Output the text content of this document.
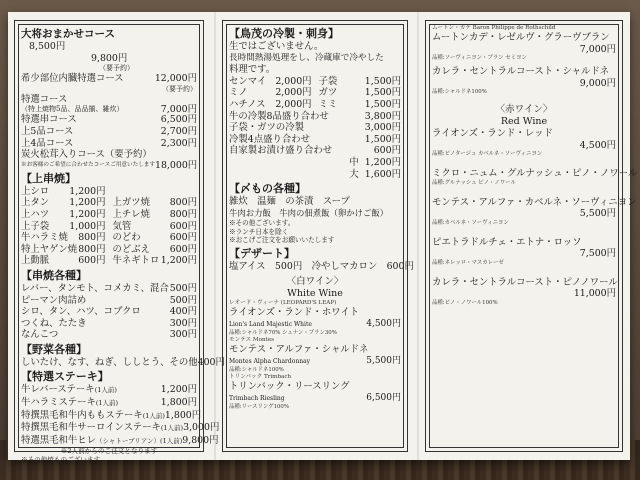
大将おまかせコース
8,500円
9,800円
（要予約）
希少部位内臓特選コース	12,000円
（要予約）
特選コース
（特上焼物5品、品品揃、雑炊）	7,000円
特選串コース	6,500円
上5品コース	2,700円
上4品コース	2,300円
炭火松茸入りコース（要予約）
※お客様のご希望に合わせたコースご用意いたします 18,000円
【上串焼】
上シロ 1,200円
上タン 1,200円 上ガツ焼 800円
上ハツ 1,200円 上チレ焼 800円
上子袋 1,000円 気管	600円
牛ハラミ焼 800円 のどわ	600円
特上ヤゲン焼 800円 のどぶえ 600円
上動脈	600円 牛ネギトロ 1,200円
【串焼各種】
レバー、タンモト、コメカミ、混合 500円
ピーマン肉詰め	500円
シロ、タン、ハツ、コブクロ	400円
つくね、たたき	300円
なんこつ	300円
【野菜各種】
しいたけ、なす、ねぎ、ししとう、その他 400円
【特選ステーキ】
牛レバーステーキ(1人前)	1,200円
牛ハラミステーキ(1人前)	1,800円
特撰黒毛和牛内ももステーキ(1人前) 1,800円
特撰黒毛和牛サーロインステーキ(1人前) 3,000円
特選黒毛和牛ヒレ（シャトーブリアン）(1人前) 9,800円
※2人前からのご注文となります
※その他焼ものございます。
【鳥茂の冷製・刺身】
生ではございません。
長時間熱湯処理をし、冷蔵庫で冷やした
料理です。
センマイ 2,000円 子袋	1,500円
ミノ	2,000円 ガツ	1,500円
ハチノス 2,000円 ミミ	1,500円
牛の冷製8品盛り合わせ	3,800円
子袋・ガツの冷製	3,000円
冷製4点盛り合わせ	1,500円
自家製お漬け盛り合わせ	600円
中 1,200円
大 1,600円
【〆もの各種】
雑炊　温麺　の茶漬　スープ
牛肉お力飯　牛肉の佃煮飯（卵かけご飯）
※その他ございます。
※ランチ日本を除く
※おこげご注文をお願いいたします
【デザート】
塩アイス　500円　冷やしマカロン　600円
〈白ワイン〉
White Wine
レオード・ヴィーナ (LEOPARD'S LEAP)
ライオンズ・ランド・ホワイト
Lion's Land Majestic White	4,500円
品種:シャルドネ70% シュナン・ブラン30%
モンテス Montes
モンテス・アルファ・シャルドネ
Montes Alpha Chardonnay	5,500円
品種:シャルドネ100%
トリンバック Trimbach
トリンバック・リースリング
Trimbach Riesling	6,500円
品種:リースリング100%
ムートン・カデ Baron Philippe de Rothschild
ムートンカデ・レゼルヴ・グラーヴブラン
7,000円
品種:ソーヴィニヨン・ブラン セミヨン
カレラ・セントラルコースト・シャルドネ
9,000円
品種:シャルドネ100%
〈赤ワイン〉
Red Wine
ライオンズ・ランド・レッド
4,500円
品種:ピノタージュ カベルネ・ソーヴィニヨン
ミクロ・ニュム・グルナッシュ・ピノ・ノワール
品種:グルナッシュ ピノ・ノワール
モンテス・アルファ・カベルネ・ソーヴィニヨン
5,500円
品種:カベルネ・ソーヴィニヨン
ピエトラドルチェ・エトナ・ロッソ
7,500円
品種:ネレッロ・マスカレーゼ
カレラ・セントラルコースト・ピノノワール
11,000円
品種:ピノ・ノワール100%
